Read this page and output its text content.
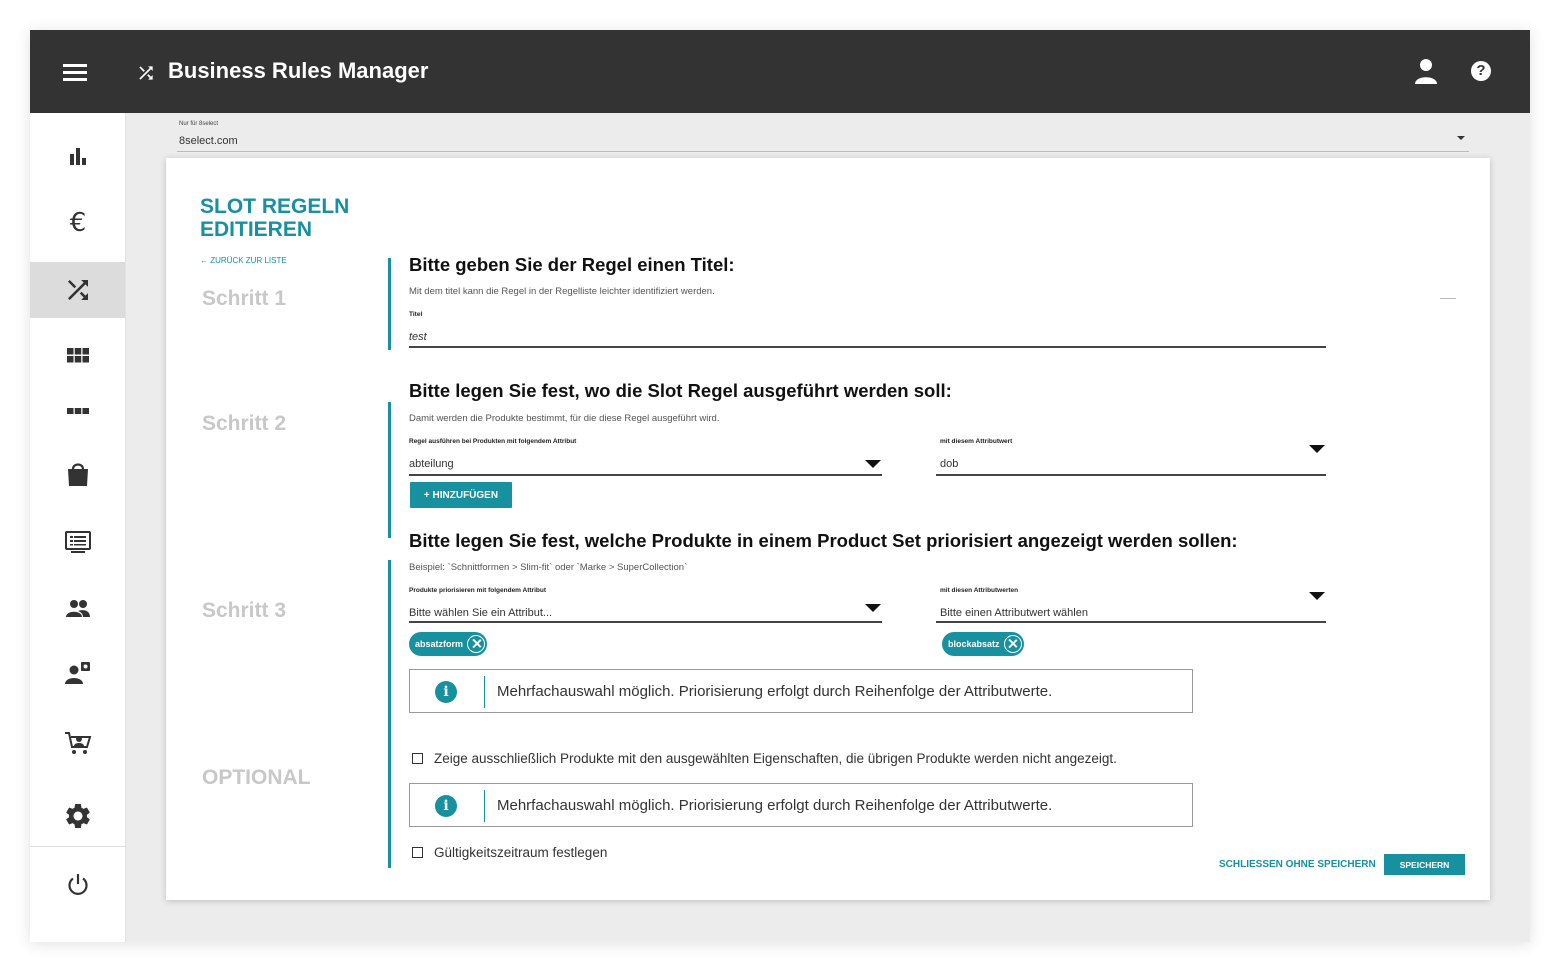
Business Rules Manager	?
€
Nur für 8select
8select.com
SLOT REGELN EDITIEREN
← ZURÜCK ZUR LISTE
Schritt 1
Schritt 2
Schritt 3
OPTIONAL
Bitte geben Sie der Regel einen Titel:
Mit dem titel kann die Regel in der Regelliste leichter identifiziert werden.
Titel
test
Bitte legen Sie fest, wo die Slot Regel ausgeführt werden soll:
Damit werden die Produkte bestimmt, für die diese Regel ausgeführt wird.
Regel ausführen bei Produkten mit folgendem Attribut
abteilung
mit diesem Attributwert
dob
+ HINZUFÜGEN
Bitte legen Sie fest, welche Produkte in einem Product Set priorisiert angezeigt werden sollen:
Beispiel: `Schnittformen > Slim-fit` oder `Marke > SuperCollection`
Produkte priorisieren mit folgendem Attribut
Bitte wählen Sie ein Attribut...
mit diesen Attributwerten
Bitte einen Attributwert wählen
absatzform	blockabsatz
i	Mehrfachauswahl möglich. Priorisierung erfolgt durch Reihenfolge der Attributwerte.
Zeige ausschließlich Produkte mit den ausgewählten Eigenschaften, die übrigen Produkte werden nicht angezeigt.
i	Mehrfachauswahl möglich. Priorisierung erfolgt durch Reihenfolge der Attributwerte.
Gültigkeitszeitraum festlegen
SCHLIESSEN OHNE SPEICHERN	SPEICHERN
